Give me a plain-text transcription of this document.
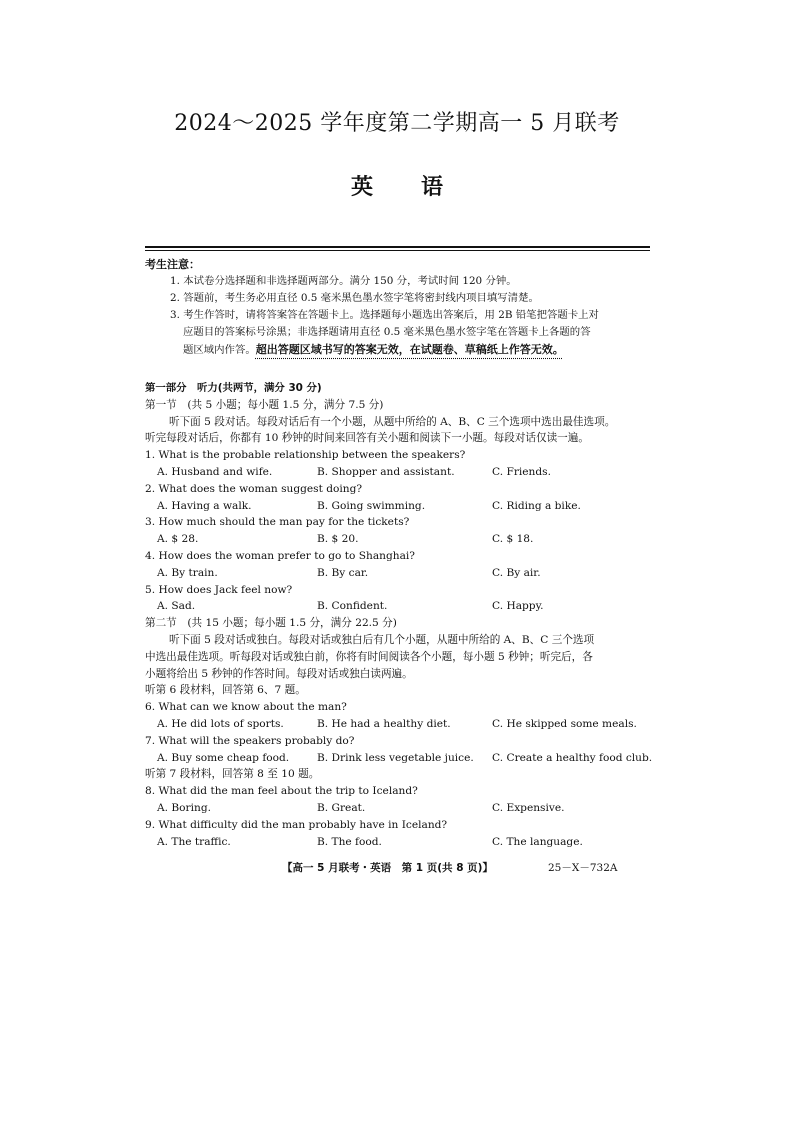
2024～2025 学年度第二学期高一 5 月联考
英语
考生注意：
1. 本试卷分选择题和非选择题两部分。满分 150 分，考试时间 120 分钟。
2. 答题前，考生务必用直径 0.5 毫米黑色墨水签字笔将密封线内项目填写清楚。
3. 考生作答时，请将答案答在答题卡上。选择题每小题选出答案后，用 2B 铅笔把答题卡上对
应题目的答案标号涂黑；非选择题请用直径 0.5 毫米黑色墨水签字笔在答题卡上各题的答
题区域内作答。超出答题区域书写的答案无效，在试题卷、草稿纸上作答无效。
第一部分　听力(共两节，满分 30 分)
第一节　(共 5 小题；每小题 1.5 分，满分 7.5 分)
听下面 5 段对话。每段对话后有一个小题，从题中所给的 A、B、C 三个选项中选出最佳选项。
听完每段对话后，你都有 10 秒钟的时间来回答有关小题和阅读下一小题。每段对话仅读一遍。
1. What is the probable relationship between the speakers?
A. Husband and wife.	B. Shopper and assistant.	C. Friends.
2. What does the woman suggest doing?
A. Having a walk.	B. Going swimming.	C. Riding a bike.
3. How much should the man pay for the tickets?
A. $ 28.	B. $ 20.	C. $ 18.
4. How does the woman prefer to go to Shanghai?
A. By train.	B. By car.	C. By air.
5. How does Jack feel now?
A. Sad.	B. Confident.	C. Happy.
第二节　(共 15 小题；每小题 1.5 分，满分 22.5 分)
听下面 5 段对话或独白。每段对话或独白后有几个小题，从题中所给的 A、B、C 三个选项
中选出最佳选项。听每段对话或独白前，你将有时间阅读各个小题，每小题 5 秒钟；听完后，各
小题将给出 5 秒钟的作答时间。每段对话或独白读两遍。
听第 6 段材料，回答第 6、7 题。
6. What can we know about the man?
A. He did lots of sports.	B. He had a healthy diet.	C. He skipped some meals.
7. What will the speakers probably do?
A. Buy some cheap food.	B. Drink less vegetable juice.	C. Create a healthy food club.
听第 7 段材料，回答第 8 至 10 题。
8. What did the man feel about the trip to Iceland?
A. Boring.	B. Great.	C. Expensive.
9. What difficulty did the man probably have in Iceland?
A. The traffic.	B. The food.	C. The language.
【高一 5 月联考・英语　第 1 页(共 8 页)】	25－X－732A
